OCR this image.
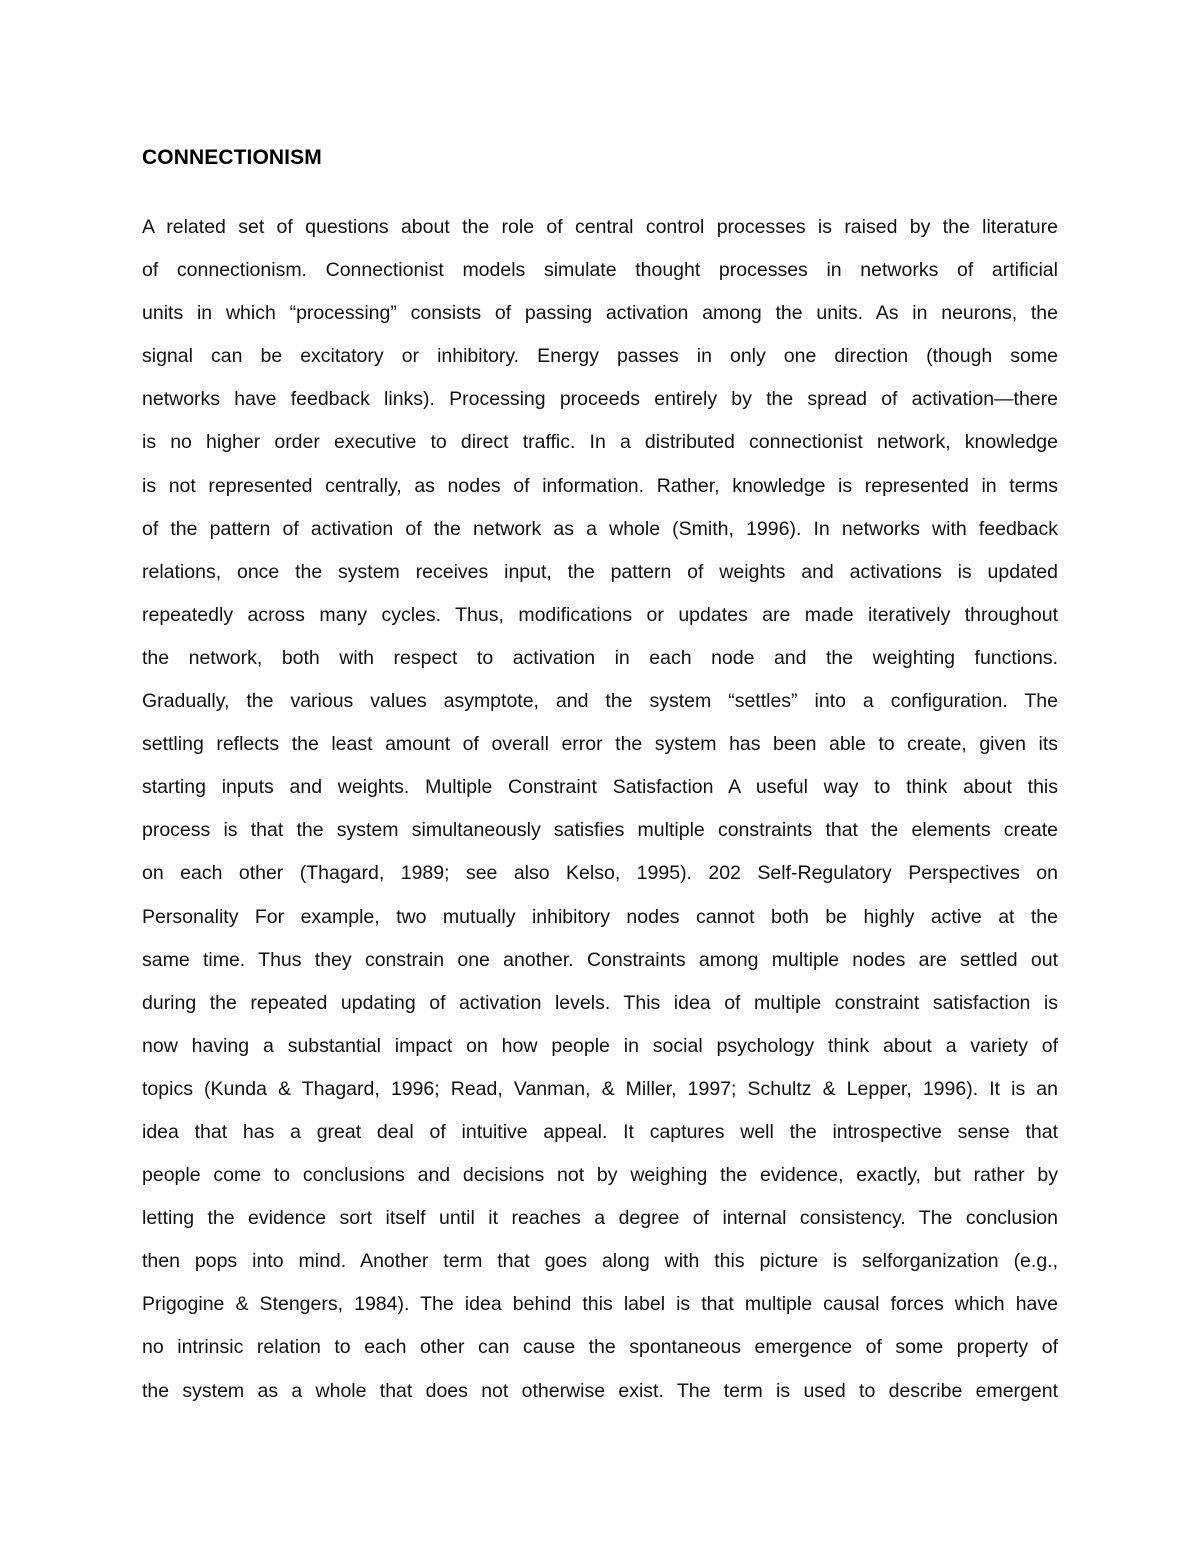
CONNECTIONISM
A related set of questions about the role of central control processes is raised by the literature
of connectionism. Connectionist models simulate thought processes in networks of artificial
units in which “processing” consists of passing activation among the units. As in neurons, the
signal can be excitatory or inhibitory. Energy passes in only one direction (though some
networks have feedback links). Processing proceeds entirely by the spread of activation—there
is no higher order executive to direct traffic. In a distributed connectionist network, knowledge
is not represented centrally, as nodes of information. Rather, knowledge is represented in terms
of the pattern of activation of the network as a whole (Smith, 1996). In networks with feedback
relations, once the system receives input, the pattern of weights and activations is updated
repeatedly across many cycles. Thus, modifications or updates are made iteratively throughout
the network, both with respect to activation in each node and the weighting functions.
Gradually, the various values asymptote, and the system “settles” into a configuration. The
settling reflects the least amount of overall error the system has been able to create, given its
starting inputs and weights. Multiple Constraint Satisfaction A useful way to think about this
process is that the system simultaneously satisfies multiple constraints that the elements create
on each other (Thagard, 1989; see also Kelso, 1995). 202 Self-Regulatory Perspectives on
Personality For example, two mutually inhibitory nodes cannot both be highly active at the
same time. Thus they constrain one another. Constraints among multiple nodes are settled out
during the repeated updating of activation levels. This idea of multiple constraint satisfaction is
now having a substantial impact on how people in social psychology think about a variety of
topics (Kunda & Thagard, 1996; Read, Vanman, & Miller, 1997; Schultz & Lepper, 1996). It is an
idea that has a great deal of intuitive appeal. It captures well the introspective sense that
people come to conclusions and decisions not by weighing the evidence, exactly, but rather by
letting the evidence sort itself until it reaches a degree of internal consistency. The conclusion
then pops into mind. Another term that goes along with this picture is selforganization (e.g.,
Prigogine & Stengers, 1984). The idea behind this label is that multiple causal forces which have
no intrinsic relation to each other can cause the spontaneous emergence of some property of
the system as a whole that does not otherwise exist. The term is used to describe emergent
